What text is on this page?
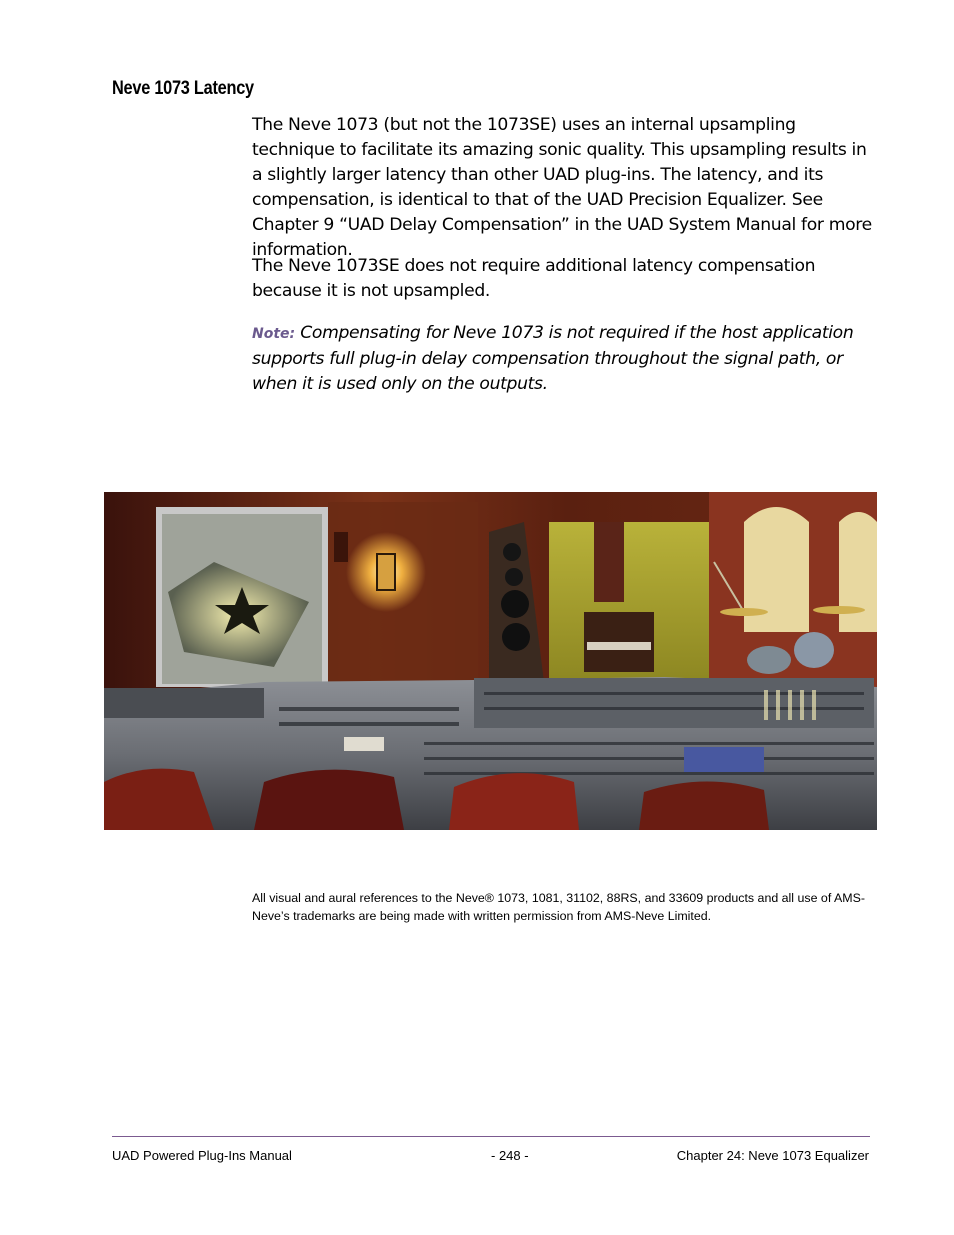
Neve 1073 Latency
The Neve 1073 (but not the 1073SE) uses an internal upsampling technique to facilitate its amazing sonic quality. This upsampling results in a slightly larger latency than other UAD plug-ins. The latency, and its compensation, is identical to that of the UAD Precision Equalizer. See Chapter 9 “UAD Delay Compensation” in the UAD System Manual for more information.
The Neve 1073SE does not require additional latency compensation because it is not upsampled.
Note: Compensating for Neve 1073 is not required if the host application supports full plug-in delay compensation throughout the signal path, or when it is used only on the outputs.
All visual and aural references to the Neve® 1073, 1081, 31102, 88RS, and 33609 products and all use of AMS-Neve’s trademarks are being made with written permission from AMS-Neve Limited.
UAD Powered Plug-Ins Manual	- 248 -	Chapter 24: Neve 1073 Equalizer
